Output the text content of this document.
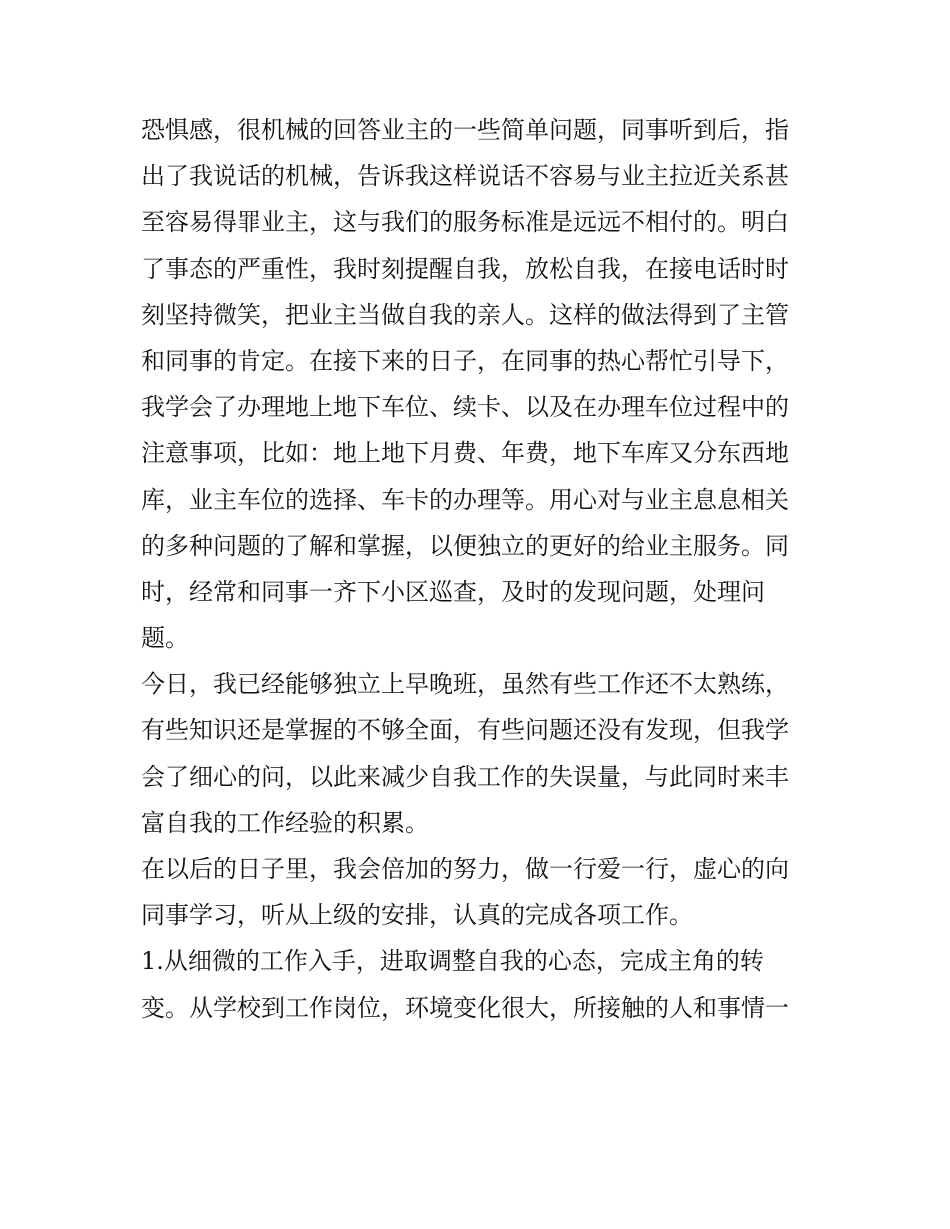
恐惧感，很机械的回答业主的一些简单问题，同事听到后，指
出了我说话的机械，告诉我这样说话不容易与业主拉近关系甚
至容易得罪业主，这与我们的服务标准是远远不相付的。明白
了事态的严重性，我时刻提醒自我，放松自我，在接电话时时
刻坚持微笑，把业主当做自我的亲人。这样的做法得到了主管
和同事的肯定。在接下来的日子，在同事的热心帮忙引导下，
我学会了办理地上地下车位、续卡、以及在办理车位过程中的
注意事项，比如：地上地下月费、年费，地下车库又分东西地
库，业主车位的选择、车卡的办理等。用心对与业主息息相关
的多种问题的了解和掌握，以便独立的更好的给业主服务。同
时，经常和同事一齐下小区巡查，及时的发现问题，处理问
题。
今日，我已经能够独立上早晚班，虽然有些工作还不太熟练，
有些知识还是掌握的不够全面，有些问题还没有发现，但我学
会了细心的问，以此来减少自我工作的失误量，与此同时来丰
富自我的工作经验的积累。
在以后的日子里，我会倍加的努力，做一行爱一行，虚心的向
同事学习，听从上级的安排，认真的完成各项工作。
1.从细微的工作入手，进取调整自我的心态，完成主角的转
变。从学校到工作岗位，环境变化很大，所接触的人和事情一
